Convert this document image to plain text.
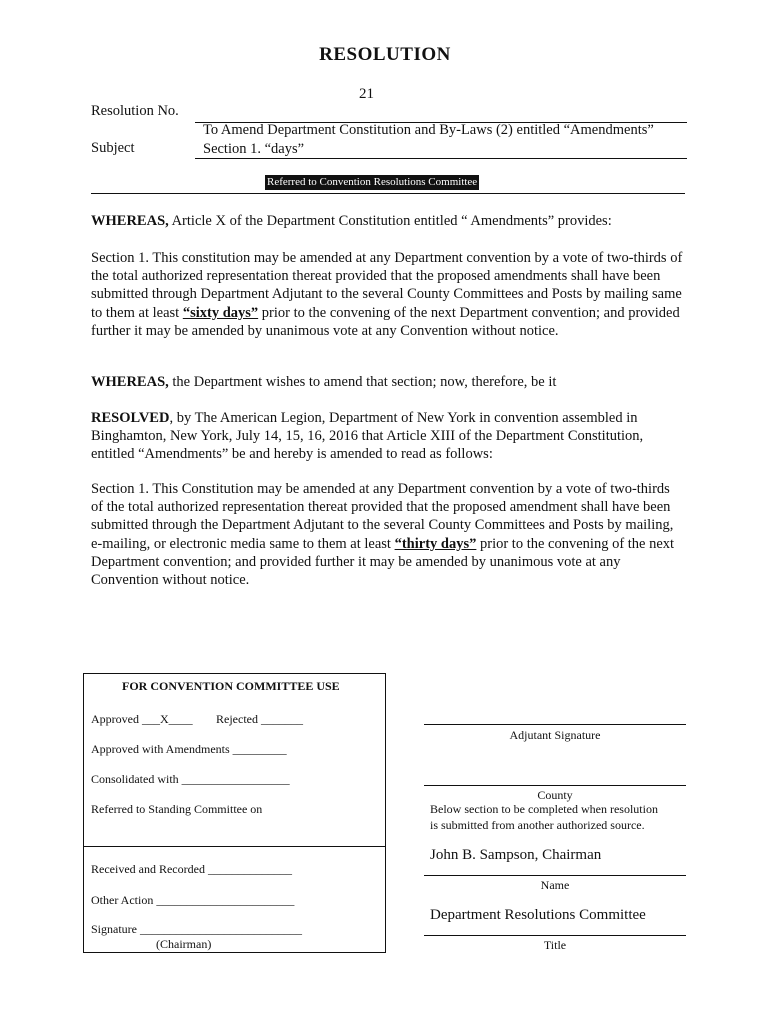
RESOLUTION
21
Resolution No.
Subject
To Amend Department Constitution and By-Laws (2) entitled “Amendments”
Section 1. “days”
Referred to Convention Resolutions Committee
WHEREAS, Article X of the Department Constitution entitled “ Amendments” provides:
Section 1. This constitution may be amended at any Department convention by a vote of two-thirds of the total authorized representation thereat provided that the proposed amendments shall have been submitted through Department Adjutant to the several County Committees and Posts by mailing same to them at least “sixty days” prior to the convening of the next Department convention; and provided further it may be amended by unanimous vote at any Convention without notice.
WHEREAS, the Department wishes to amend that section; now, therefore, be it
RESOLVED, by The American Legion, Department of New York in convention assembled in Binghamton, New York, July 14, 15, 16, 2016 that Article XIII of the Department Constitution, entitled “Amendments” be and hereby is amended to read as follows:
Section 1. This Constitution may be amended at any Department convention by a vote of two-thirds of the total authorized representation thereat provided that the proposed amendment shall have been submitted through the Department Adjutant to the several County Committees and Posts by mailing, e-mailing, or electronic media same to them at least “thirty days” prior to the convening of the next Department convention; and provided further it may be amended by unanimous vote at any Convention without notice.
FOR CONVENTION COMMITTEE USE
Approved ___X____ Rejected _______
Approved with Amendments _________
Consolidated with __________________
Referred to Standing Committee on
Received and Recorded ______________
Other Action _______________________
Signature ___________________________
(Chairman)
Adjutant Signature
County
Below section to be completed when resolution
is submitted from another authorized source.
John B. Sampson, Chairman
Name
Department Resolutions Committee
Title
